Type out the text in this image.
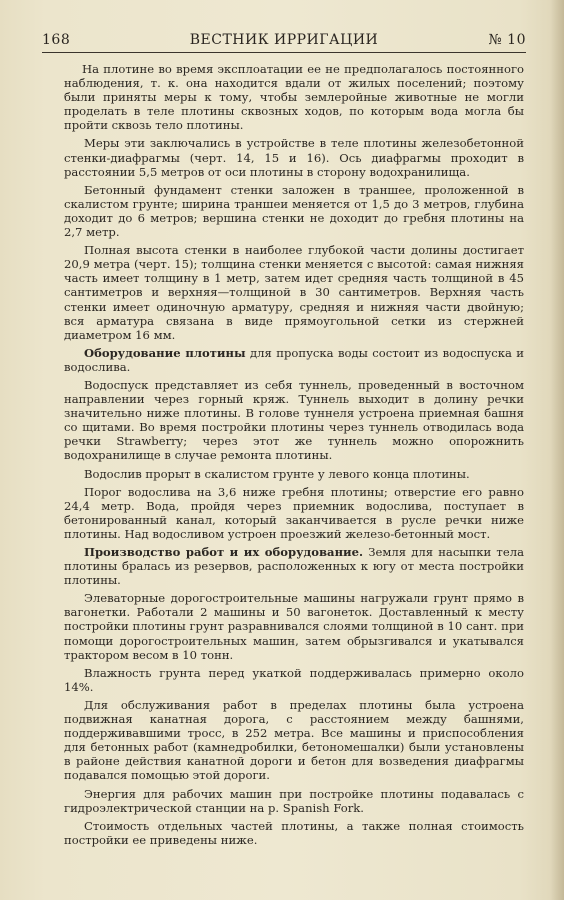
168	ВЕСТНИК ИРРИГАЦИИ	№ 10

На плотине во время эксплоатации ее не предполагалось постоянного наблюдения, т. к. она находится вдали от жилых поселений; поэтому были приняты меры к тому, чтобы землеройные животные не могли проделать в теле плотины сквозных ходов, по которым вода могла бы пройти сквозь тело плотины.

Меры эти заключались в устройстве в теле плотины железобетонной стенки-диафрагмы (черт. 14, 15 и 16). Ось диафрагмы проходит в расстоянии 5,5 метров от оси плотины в сторону водохранилища.

Бетонный фундамент стенки заложен в траншее, проложенной в скалистом грунте; ширина траншеи меняется от 1,5 до 3 метров, глубина доходит до 6 метров; вершина стенки не доходит до гребня плотины на 2,7 метр.

Полная высота стенки в наиболее глубокой части долины достигает 20,9 метра (черт. 15); толщина стенки меняется с высотой: самая нижняя часть имеет толщину в 1 метр, затем идет средняя часть толщиной в 45 сантиметров и верхняя—толщиной в 30 сантиметров. Верхняя часть стенки имеет одиночную арматуру, средняя и нижняя части двойную; вся арматура связана в виде прямоугольной сетки из стержней диаметром 16 мм.

Оборудование плотины для пропуска воды состоит из водоспуска и водослива.

Водоспуск представляет из себя туннель, проведенный в восточном направлении через горный кряж. Туннель выходит в долину речки значительно ниже плотины. В голове туннеля устроена приемная башня со щитами. Во время постройки плотины через туннель отводилась вода речки Strawberry; через этот же туннель можно опорожнить водохранилище в случае ремонта плотины.

Водослив прорыт в скалистом грунте у левого конца плотины.

Порог водослива на 3,6 ниже гребня плотины; отверстие его равно 24,4 метр. Вода, пройдя через приемник водослива, поступает в бетонированный канал, который заканчивается в русле речки ниже плотины. Над водосливом устроен проезжий железо-бетонный мост.

Производство работ и их оборудование. Земля для насыпки тела плотины бралась из резервов, расположенных к югу от места постройки плотины.

Элеваторные дорогостроительные машины нагружали грунт прямо в вагонетки. Работали 2 машины и 50 вагонеток. Доставленный к месту постройки плотины грунт разравнивался слоями толщиной в 10 сант. при помощи дорогостроительных машин, затем обрызгивался и укатывался трактором весом в 10 тонн.

Влажность грунта перед укаткой поддерживалась примерно около 14%.

Для обслуживания работ в пределах плотины была устроена подвижная канатная дорога, с расстоянием между башнями, поддерживавшими тросс, в 252 метра. Все машины и приспособления для бетонных работ (камнедробилки, бетономешалки) были установлены в районе действия канатной дороги и бетон для возведения диафрагмы подавался помощью этой дороги.

Энергия для рабочих машин при постройке плотины подавалась с гидроэлектрической станции на р. Spanish Fork.

Стоимость отдельных частей плотины, а также полная стоимость постройки ее приведены ниже.
